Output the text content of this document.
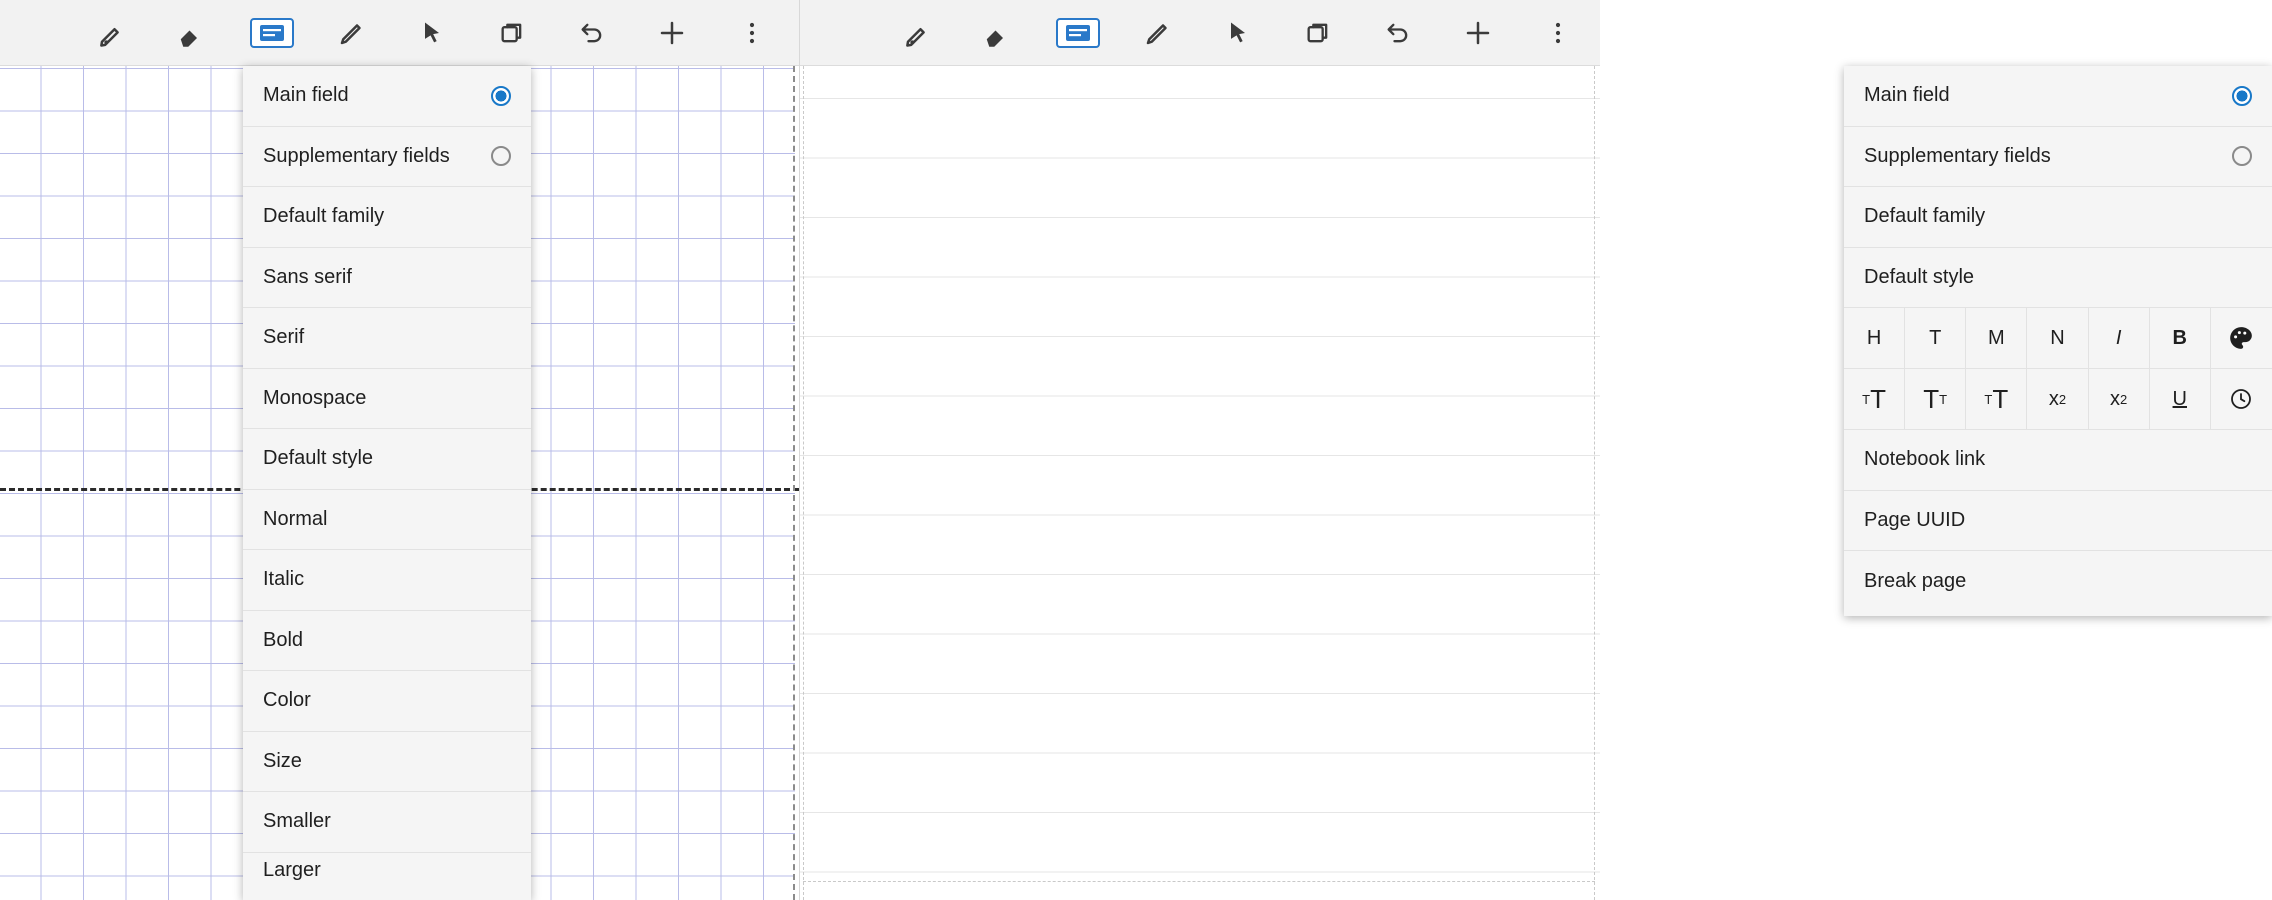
Main field
Supplementary fields
Default family
Sans serif
Serif
Monospace
Default style
Normal
Italic
Bold
Color
Size
Smaller
Larger
Main field
Supplementary fields
Default family
Default style
H T M N	I	B
T T T T	T T x 2 x 2 U
Notebook link
Page UUID
Break page
